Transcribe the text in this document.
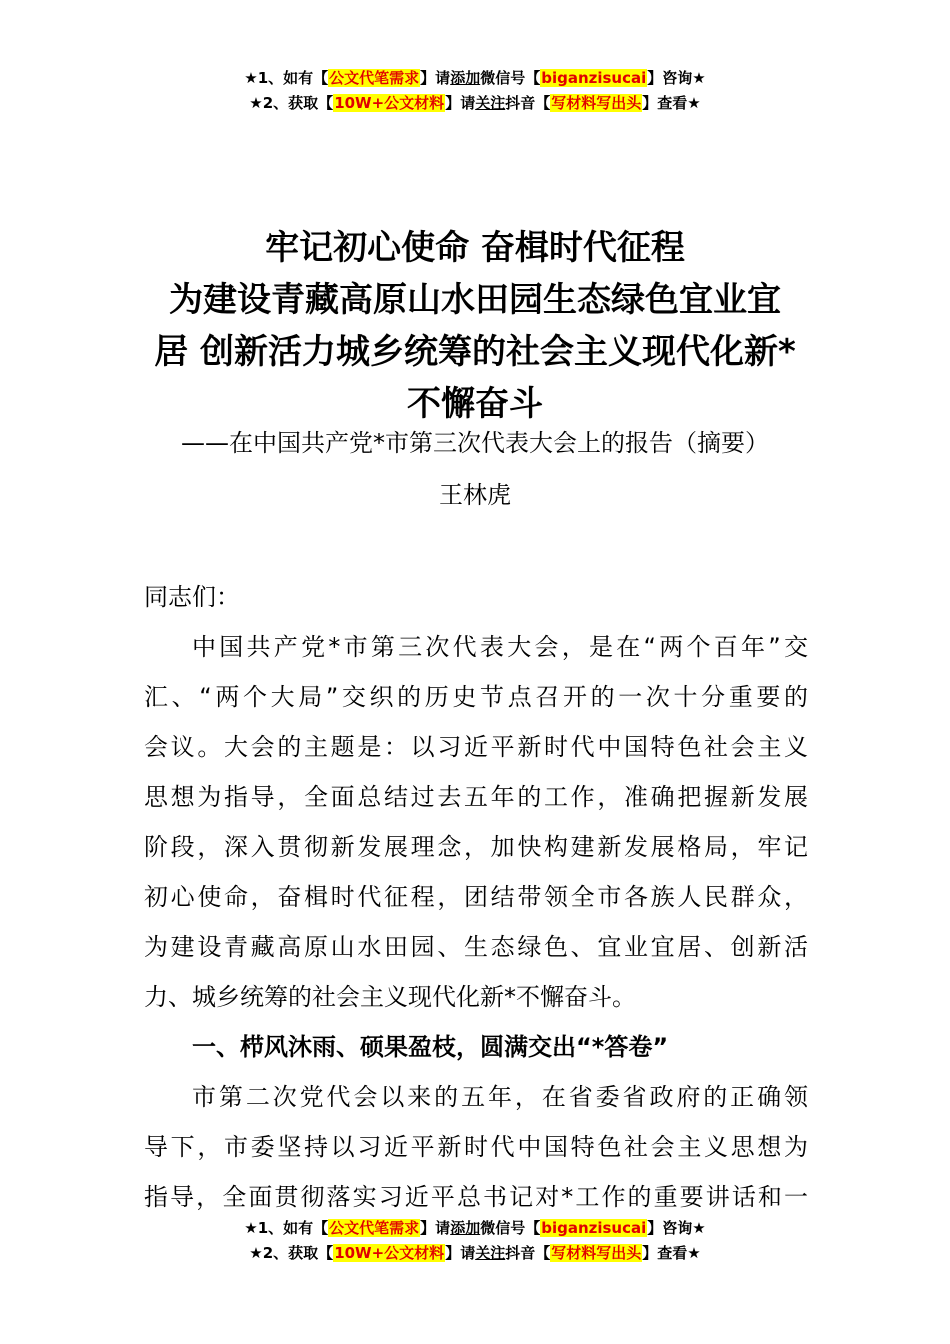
★1、如有【公文代笔需求】请添加微信号【biganzisucai】咨询★
★2、获取【10W+公文材料】请关注抖音【写材料写出头】查看★
牢记初心使命 奋楫时代征程
为建设青藏高原山水田园生态绿色宜业宜
居 创新活力城乡统筹的社会主义现代化新*
不懈奋斗
——在中国共产党*市第三次代表大会上的报告（摘要）
王林虎
同志们：
中国共产党*市第三次代表大会，是在“两个百年”交
汇、“两个大局”交织的历史节点召开的一次十分重要的
会议。大会的主题是：以习近平新时代中国特色社会主义
思想为指导，全面总结过去五年的工作，准确把握新发展
阶段，深入贯彻新发展理念，加快构建新发展格局，牢记
初心使命，奋楫时代征程，团结带领全市各族人民群众，
为建设青藏高原山水田园、生态绿色、宜业宜居、创新活
力、城乡统筹的社会主义现代化新*不懈奋斗。
一、栉风沐雨、硕果盈枝，圆满交出“*答卷”
市第二次党代会以来的五年，在省委省政府的正确领
导下，市委坚持以习近平新时代中国特色社会主义思想为
指导，全面贯彻落实习近平总书记对*工作的重要讲话和一
★1、如有【公文代笔需求】请添加微信号【biganzisucai】咨询★
★2、获取【10W+公文材料】请关注抖音【写材料写出头】查看★
